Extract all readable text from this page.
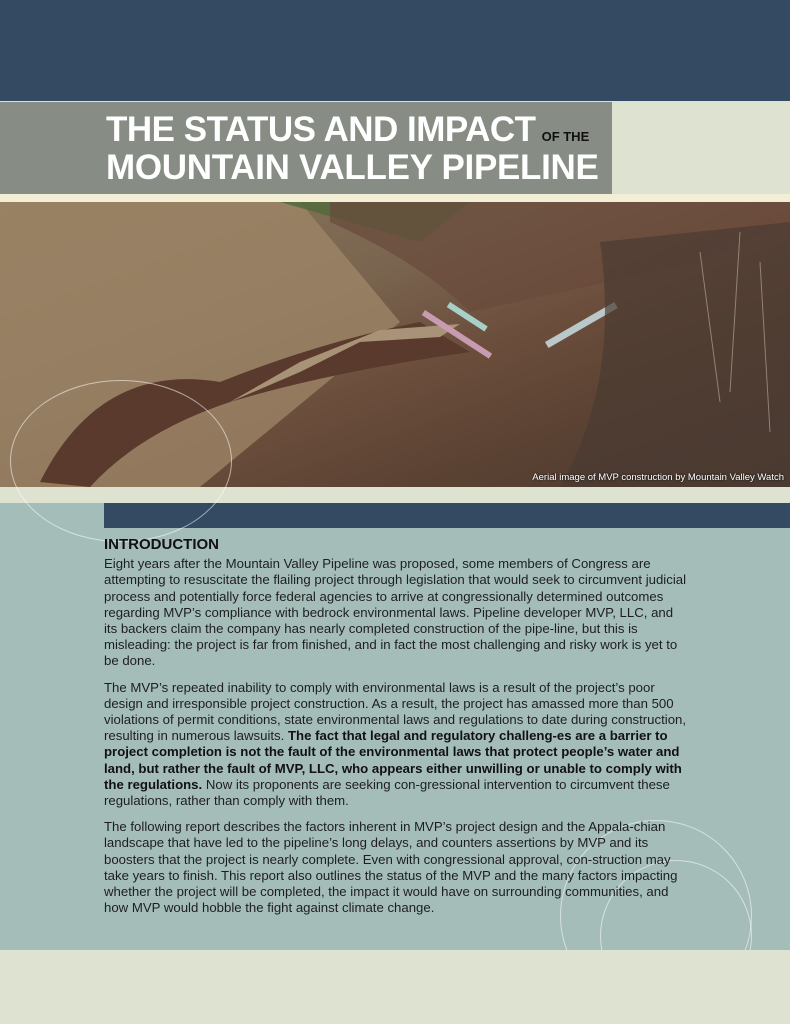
THE STATUS AND IMPACT OF THE
MOUNTAIN VALLEY PIPELINE
Aerial image of MVP construction by Mountain Valley Watch
INTRODUCTION

Eight years after the Mountain Valley Pipeline was proposed, some members of Congress are attempting to resuscitate the flailing project through legislation that would seek to circumvent judicial process and potentially force federal agencies to arrive at congressionally determined outcomes regarding MVP’s compliance with bedrock environmental laws. Pipeline developer MVP, LLC, and its backers claim the company has nearly completed construction of the pipe-line, but this is misleading: the project is far from finished, and in fact the most challenging and risky work is yet to be done.

The MVP’s repeated inability to comply with environmental laws is a result of the project’s poor design and irresponsible project construction. As a result, the project has amassed more than 500 violations of permit conditions, state environmental laws and regulations to date during construction, resulting in numerous lawsuits. The fact that legal and regulatory challeng-es are a barrier to project completion is not the fault of the environmental laws that protect people’s water and land, but rather the fault of MVP, LLC, who appears either unwilling or unable to comply with the regulations. Now its proponents are seeking con-gressional intervention to circumvent these regulations, rather than comply with them.

The following report describes the factors inherent in MVP’s project design and the Appala-chian landscape that have led to the pipeline’s long delays, and counters assertions by MVP and its boosters that the project is nearly complete. Even with congressional approval, con-struction may take years to finish. This report also outlines the status of the MVP and the many factors impacting whether the project will be completed, the impact it would have on surrounding communities, and how MVP would hobble the fight against climate change.
